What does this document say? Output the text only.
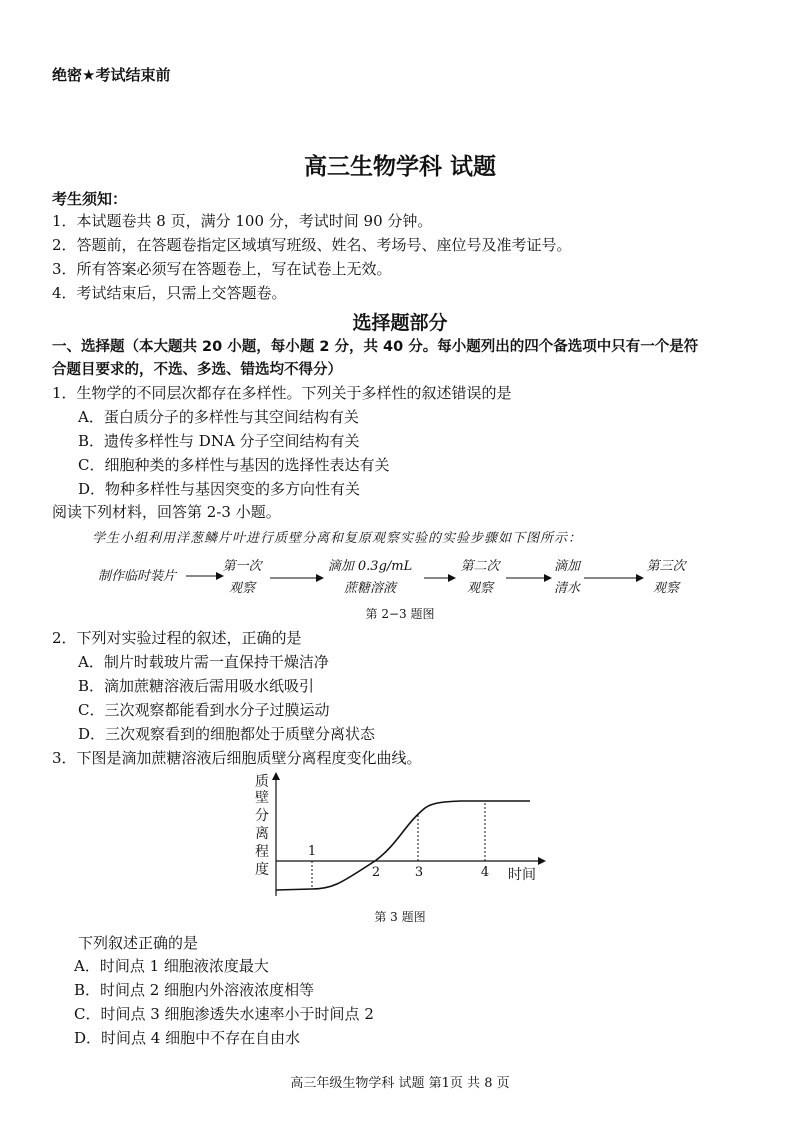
绝密★考试结束前
高三生物学科 试题
考生须知：
1．本试题卷共 8 页，满分 100 分，考试时间 90 分钟。
2．答题前，在答题卷指定区域填写班级、姓名、考场号、座位号及准考证号。
3．所有答案必须写在答题卷上，写在试卷上无效。
4．考试结束后，只需上交答题卷。
选择题部分
一、选择题（本大题共 20 小题，每小题 2 分，共 40 分。每小题列出的四个备选项中只有一个是符
合题目要求的，不选、多选、错选均不得分）
1．生物学的不同层次都存在多样性。下列关于多样性的叙述错误的是
A．蛋白质分子的多样性与其空间结构有关
B．遗传多样性与 DNA 分子空间结构有关
C．细胞种类的多样性与基因的选择性表达有关
D．物种多样性与基因突变的多方向性有关
阅读下列材料，回答第 2-3 小题。
学生小组利用洋葱鳞片叶进行质壁分离和复原观察实验的实验步骤如下图所示：
制作临时装片
第一次
观察
滴加 0.3g/mL
蔗糖溶液
第二次
观察
滴加
清水
第三次
观察
第 2−3 题图
2．下列对实验过程的叙述，正确的是
A．制片时载玻片需一直保持干燥洁净
B．滴加蔗糖溶液后需用吸水纸吸引
C．三次观察都能看到水分子过膜运动
D．三次观察看到的细胞都处于质壁分离状态
3．下图是滴加蔗糖溶液后细胞质壁分离程度变化曲线。
质
壁
分
离
程
度	时间
1
2	3	4
第 3 题图
下列叙述正确的是
A．时间点 1 细胞液浓度最大
B．时间点 2 细胞内外溶液浓度相等
C．时间点 3 细胞渗透失水速率小于时间点 2
D．时间点 4 细胞中不存在自由水
高三年级生物学科 试题 第1页 共 8 页
